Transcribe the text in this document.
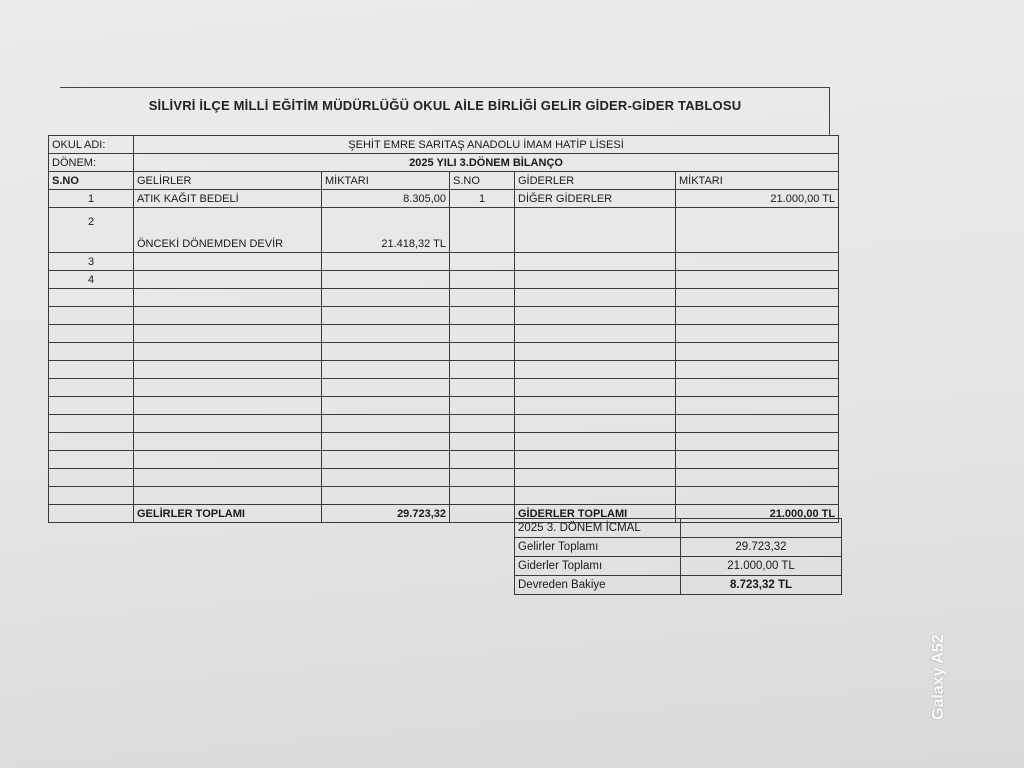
SİLİVRİ İLÇE MİLLİ EĞİTİM MÜDÜRLÜĞÜ OKUL AİLE BİRLİĞİ GELİR GİDER-GİDER TABLOSU
OKUL ADI:	ŞEHİT EMRE SARITAŞ ANADOLU İMAM HATİP LİSESİ				
DÖNEM:	2025 YILI 3.DÖNEM BİLANÇO				
S.NO	GELİRLER	MİKTARI	S.NO	GİDERLER	MİKTARI
1	ATIK KAĞIT BEDELİ	8.305,00	1	DİĞER GİDERLER	21.000,00 TL
2	ÖNCEKİ DÖNEMDEN DEVİR	21.418,32 TL			
3					
4					

	GELİRLER TOPLAMI	29.723,32		GİDERLER TOPLAMI	21.000,00 TL
2025 3. DÖNEM İCMAL	
Gelirler Toplamı	29.723,32
Giderler Toplamı	21.000,00 TL
Devreden Bakiye	8.723,32 TL
Galaxy A52
